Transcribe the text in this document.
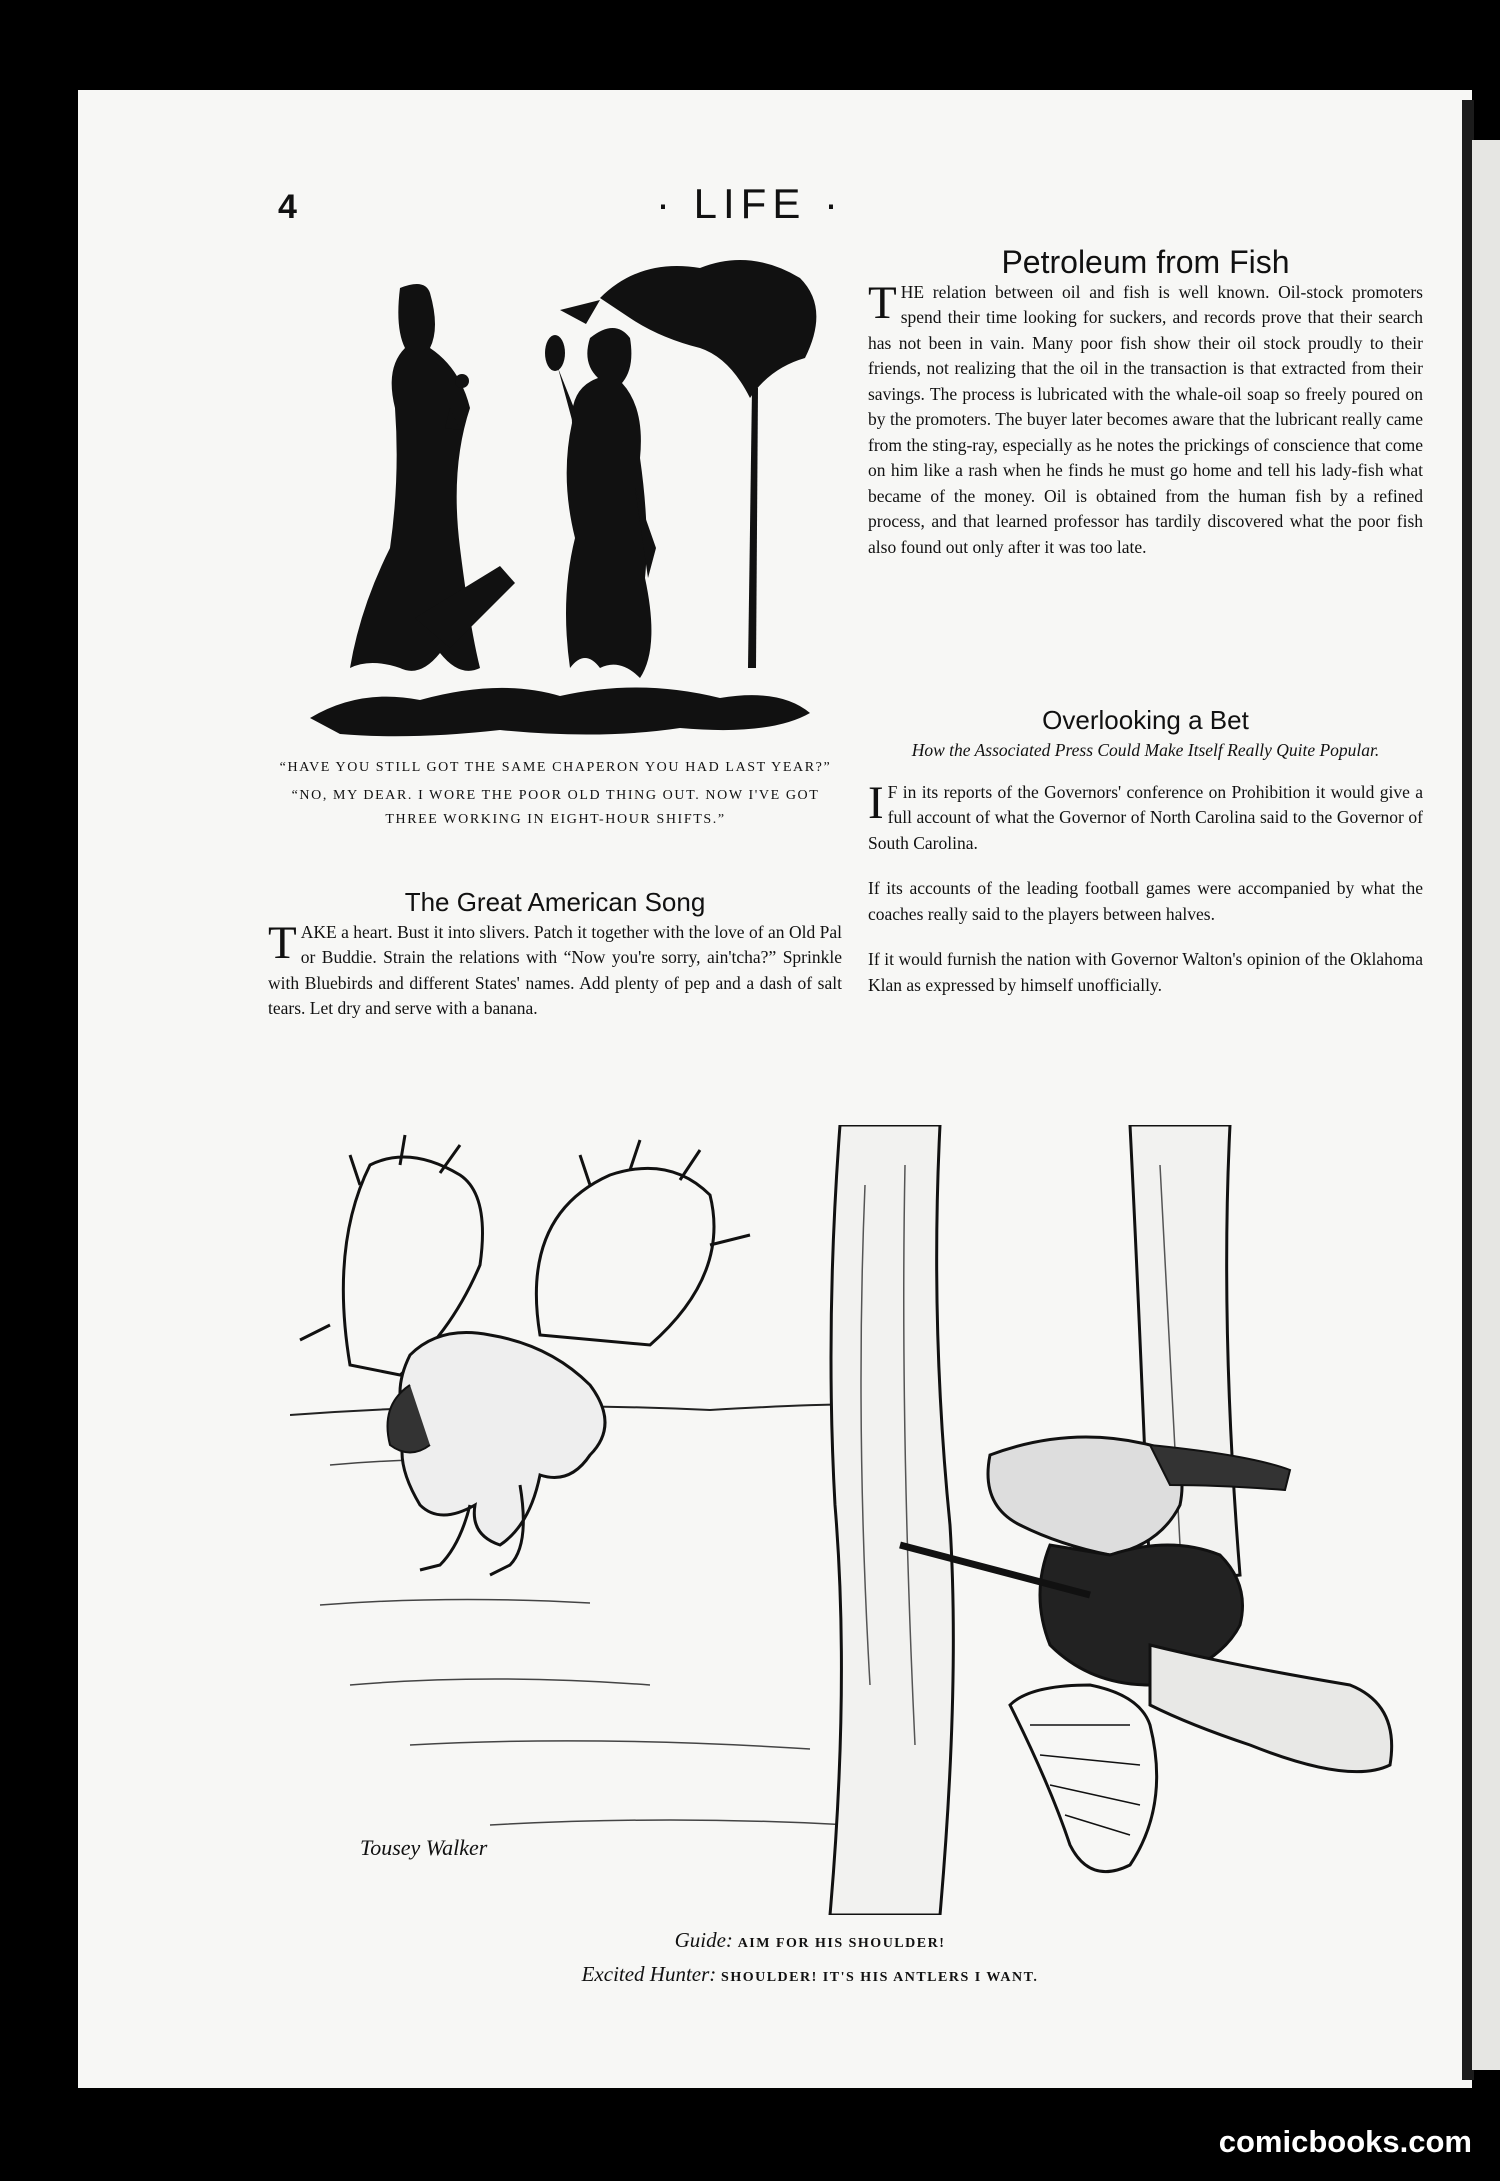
4	· LIFE ·
GKB.
“HAVE YOU STILL GOT THE SAME CHAPERON YOU HAD LAST YEAR?”
“NO, MY DEAR. I WORE THE POOR OLD THING OUT. NOW I'VE GOT THREE WORKING IN EIGHT-HOUR SHIFTS.”
The Great American Song

TAKE a heart. Bust it into slivers. Patch it together with the love of an Old Pal or Buddie. Strain the relations with “Now you're sorry, ain'tcha?” Sprinkle with Bluebirds and different States' names. Add plenty of pep and a dash of salt tears. Let dry and serve with a banana.

Petroleum from Fish

THE relation between oil and fish is well known. Oil-stock promoters spend their time looking for suckers, and records prove that their search has not been in vain. Many poor fish show their oil stock proudly to their friends, not realizing that the oil in the transaction is that extracted from their savings. The process is lubricated with the whale-oil soap so freely poured on by the promoters. The buyer later becomes aware that the lubricant really came from the sting-ray, especially as he notes the prickings of conscience that come on him like a rash when he finds he must go home and tell his lady-fish what became of the money. Oil is obtained from the human fish by a refined process, and that learned professor has tardily discovered what the poor fish also found out only after it was too late.

Overlooking a Bet
How the Associated Press Could Make Itself Really Quite Popular.

I F in its reports of the Governors' conference on Prohibition it would give a full account of what the Governor of North Carolina said to the Governor of South Carolina.

If its accounts of the leading football games were accompanied by what the coaches really said to the players between halves.

If it would furnish the nation with Governor Walton's opinion of the Oklahoma Klan as expressed by himself unofficially.

Tousey Walker
Guide: AIM FOR HIS SHOULDER!
Excited Hunter: SHOULDER! IT'S HIS ANTLERS I WANT.
comicbooks.com
